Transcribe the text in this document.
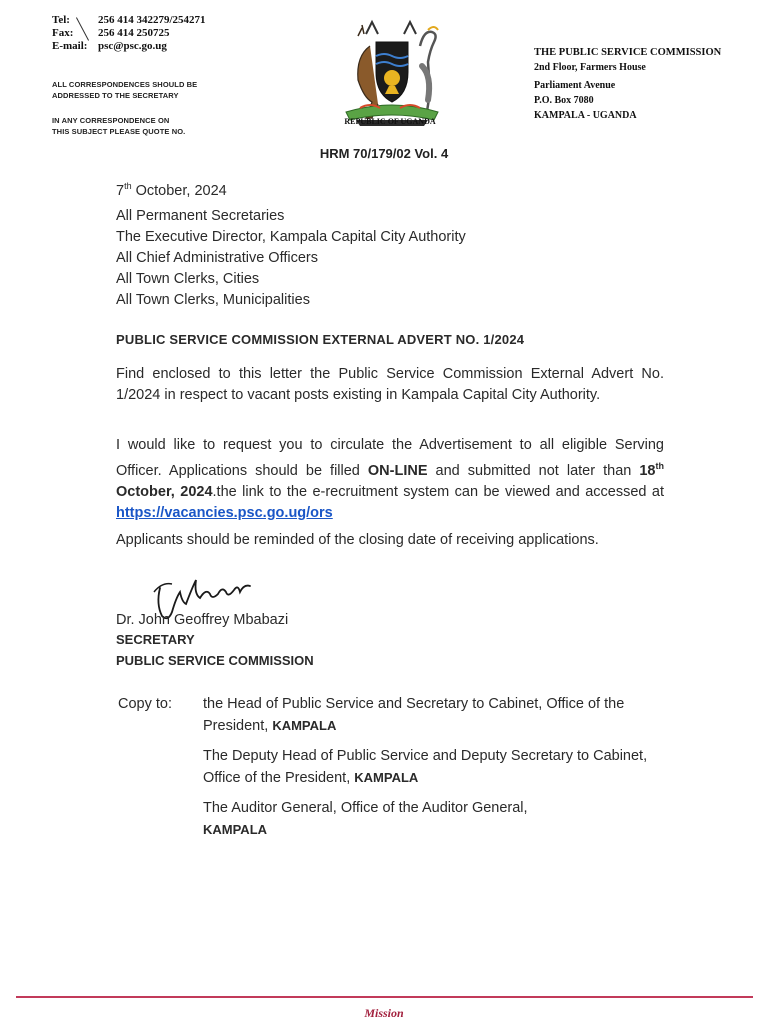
Tel:	256 414 342279/254271
Fax:	256 414 250725
E-mail: psc@psc.go.ug
ALL CORRESPONDENCES SHOULD BE
ADDRESSED TO THE SECRETARY
IN ANY CORRESPONDENCE ON
THIS SUBJECT PLEASE QUOTE NO.
REPUBLIC OF UGANDA
THE PUBLIC SERVICE COMMISSION
2nd Floor, Farmers House
Parliament Avenue
P.O. Box 7080
KAMPALA - UGANDA
HRM 70/179/02 Vol. 4
7th October, 2024
All Permanent Secretaries
The Executive Director, Kampala Capital City Authority
All Chief Administrative Officers
All Town Clerks, Cities
All Town Clerks, Municipalities
PUBLIC SERVICE COMMISSION EXTERNAL ADVERT NO. 1/2024
Find enclosed to this letter the Public Service Commission External Advert No. 1/2024 in respect to vacant posts existing in Kampala Capital City Authority.
I would like to request you to circulate the Advertisement to all eligible Serving Officer. Applications should be filled ON-LINE and submitted not later than 18th October, 2024.the link to the e-recruitment system can be viewed and accessed at https://vacancies.psc.go.ug/ors
Applicants should be reminded of the closing date of receiving applications.
Dr. John Geoffrey Mbabazi
SECRETARY
PUBLIC SERVICE COMMISSION
Copy to: the Head of Public Service and Secretary to Cabinet, Office of the President, KAMPALA
The Deputy Head of Public Service and Deputy Secretary to Cabinet, Office of the President, KAMPALA
The Auditor General, Office of the Auditor General,
KAMPALA
Mission
